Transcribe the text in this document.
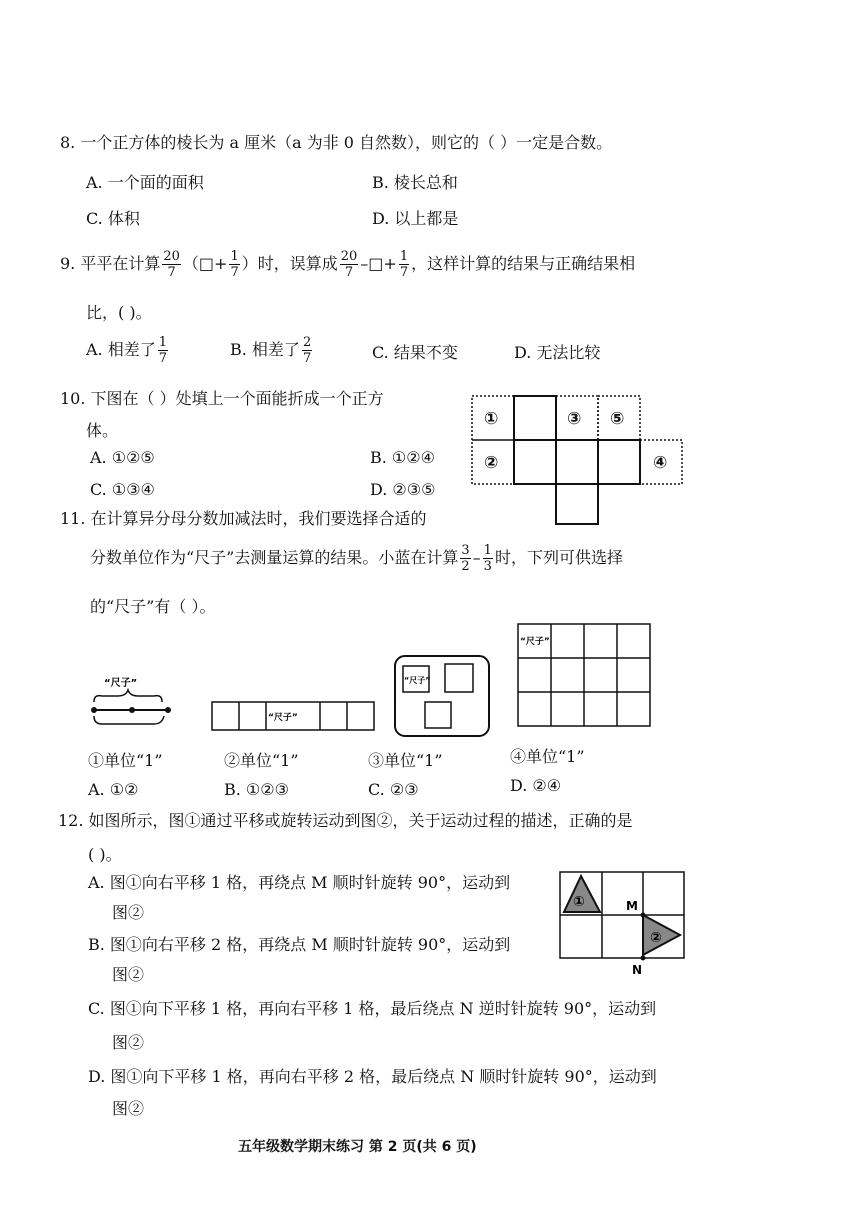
8. 一个正方体的棱长为 a 厘米（a 为非 0 自然数），则它的（ ）一定是合数。
A. 一个面的面积	B. 棱长总和
C. 体积	D. 以上都是
9. 平平在计算 $\frac{20}{7}$ （□+ $\frac{1}{7}$ ）时，误算成 $\frac{20}{7}$ –□+ $\frac{1}{7}$ ，这样计算的结果与正确结果相
比，( )。
A. 相差了 $\frac{1}{7}$	B. 相差了 $\frac{2}{7}$	C. 结果不变	D. 无法比较
10. 下图在（ ）处填上一个面能折成一个正方
体。
A. ①②⑤	B. ①②④
C. ①③④	D. ②③⑤
①	③ ⑤
②	④
11. 在计算异分母分数加减法时，我们要选择合适的
分数单位作为“尺子”去测量运算的结果。小蓝在计算 $\frac{3}{2} - \frac{1}{3}$ 时，下列可供选择
的“尺子”有（ ）。
“尺子”
“尺子”
“尺子”
“尺子”
①单位“1”	②单位“1”	③单位“1”	④单位“1”
A. ①②	B. ①②③	C. ②③	D. ②④
12. 如图所示，图①通过平移或旋转运动到图②，关于运动过程的描述，正确的是
( )。
A. 图①向右平移 1 格，再绕点 M 顺时针旋转 90°，运动到
图②
B. 图①向右平移 2 格，再绕点 M 顺时针旋转 90°，运动到
图②
C. 图①向下平移 1 格，再向右平移 1 格，最后绕点 N 逆时针旋转 90°，运动到
图②
D. 图①向下平移 1 格，再向右平移 2 格，最后绕点 N 顺时针旋转 90°，运动到
图②
①
②
M
N
五年级数学期末练习 第 2 页(共 6 页)
